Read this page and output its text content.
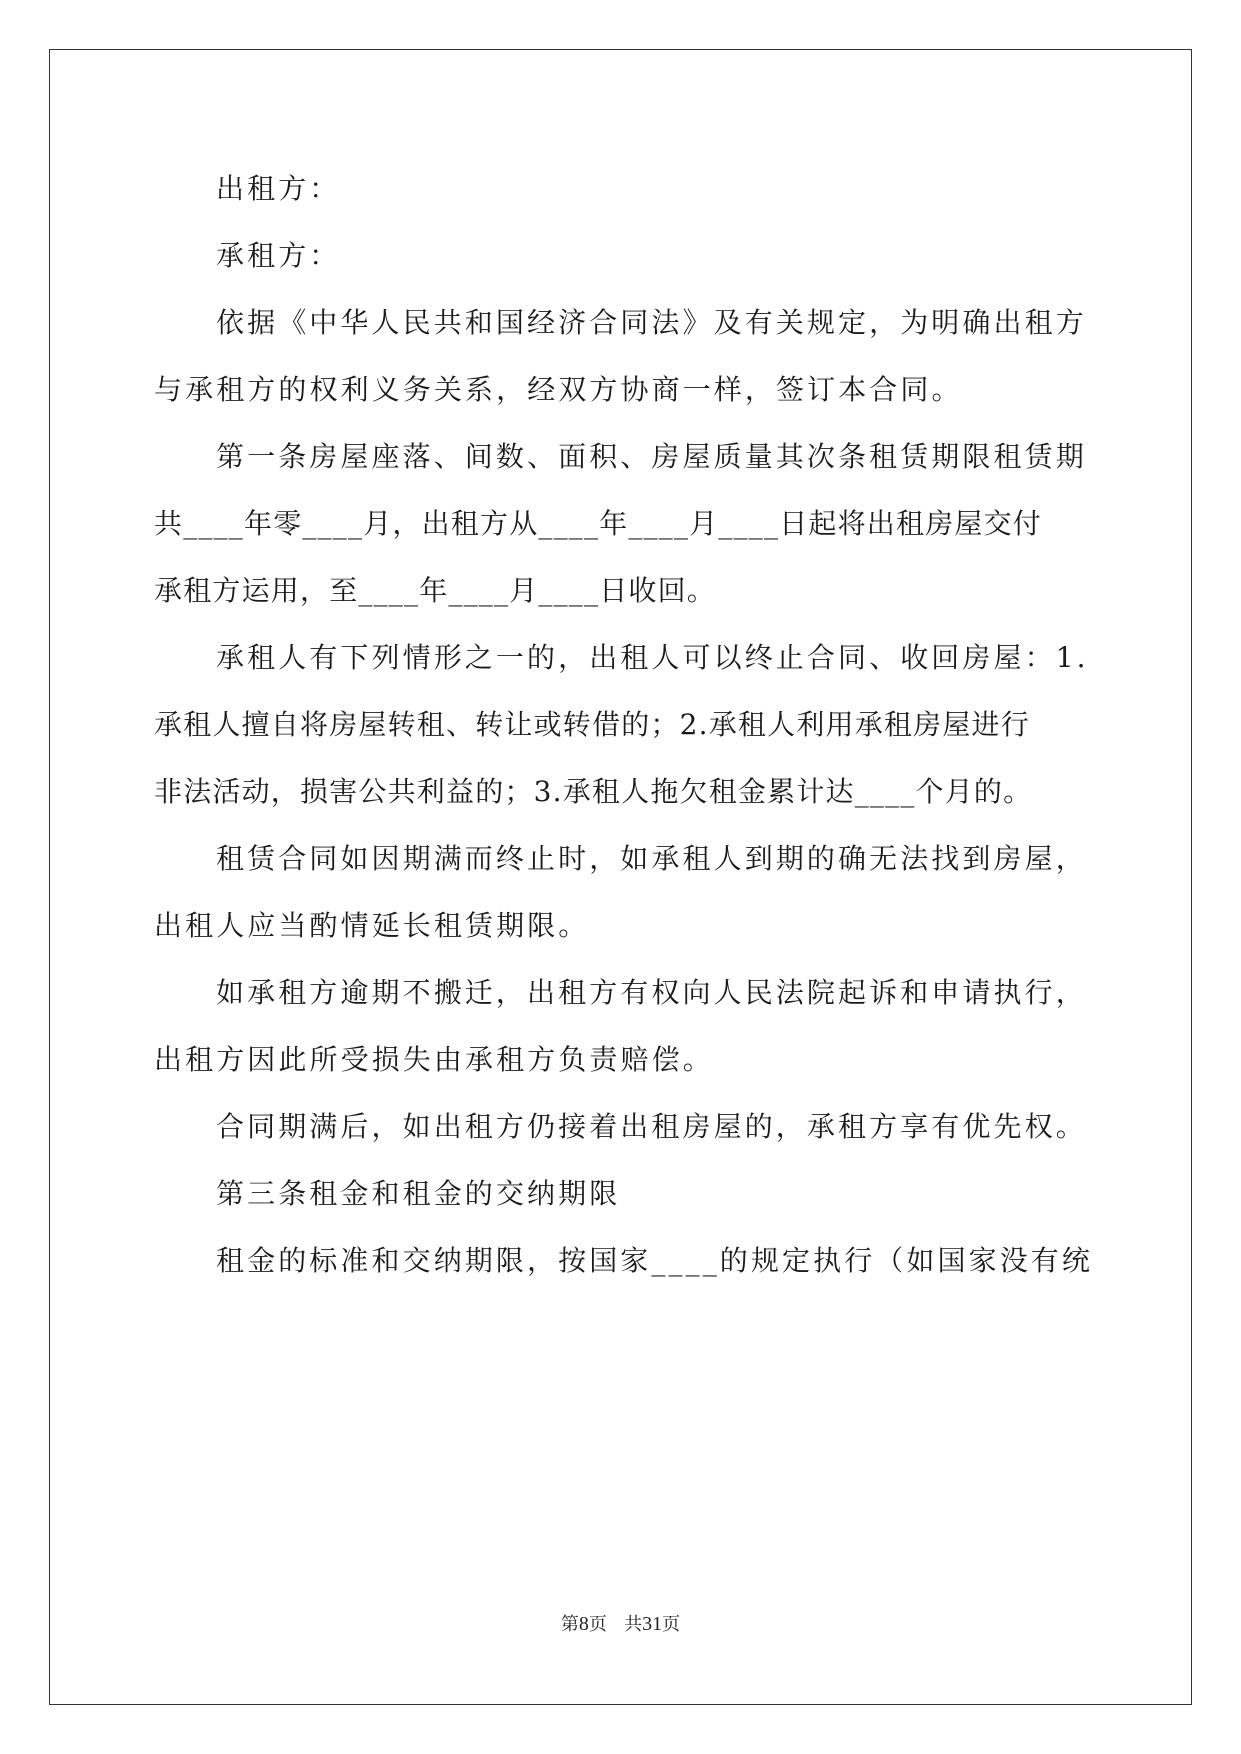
出租方：
承租方：
依据《中华人民共和国经济合同法》及有关规定，为明确出租方
与承租方的权利义务关系，经双方协商一样，签订本合同。
第一条房屋座落、间数、面积、房屋质量其次条租赁期限租赁期
共____年零____月，出租方从____年____月____日起将出租房屋交付
承租方运用，至____年____月____日收回。
承租人有下列情形之一的，出租人可以终止合同、收回房屋：1.
承租人擅自将房屋转租、转让或转借的；2.承租人利用承租房屋进行
非法活动，损害公共利益的；3.承租人拖欠租金累计达____个月的。
租赁合同如因期满而终止时，如承租人到期的确无法找到房屋，
出租人应当酌情延长租赁期限。
如承租方逾期不搬迁，出租方有权向人民法院起诉和申请执行，
出租方因此所受损失由承租方负责赔偿。
合同期满后，如出租方仍接着出租房屋的，承租方享有优先权。
第三条租金和租金的交纳期限
租金的标准和交纳期限，按国家____的规定执行（如国家没有统
第8页 共31页
